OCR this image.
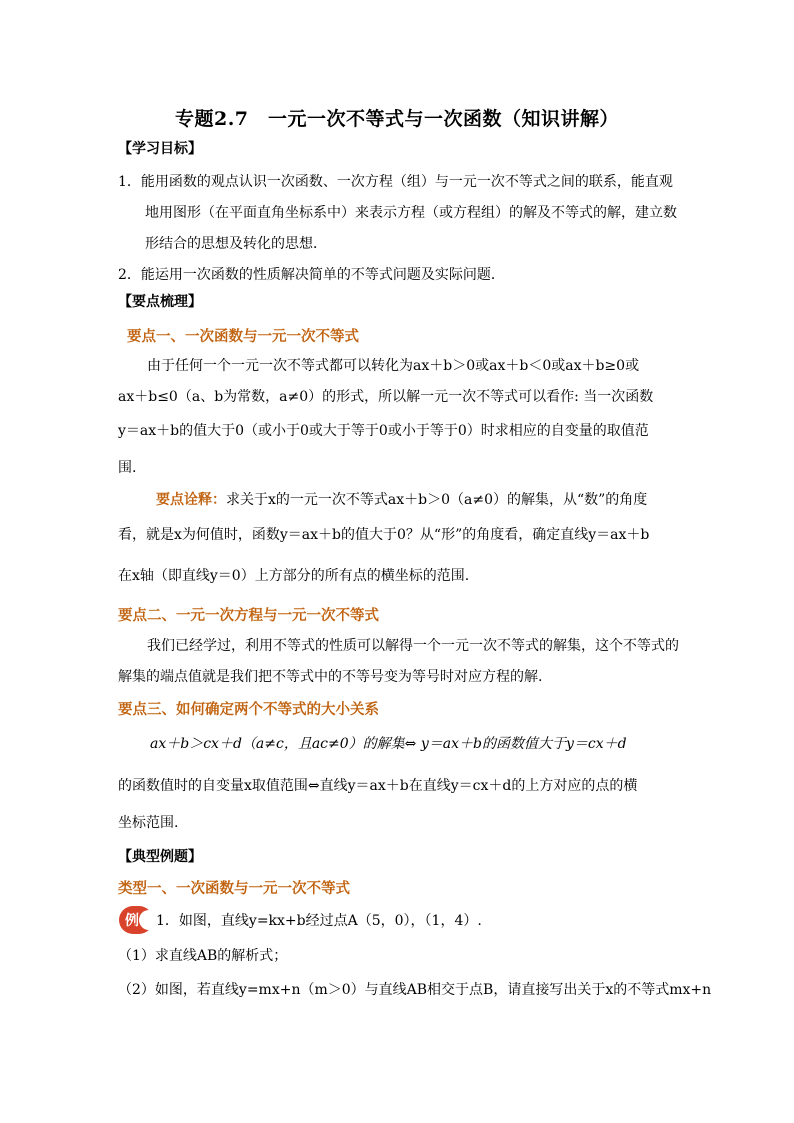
专题2.7　一元一次不等式与一次函数（知识讲解）
【学习目标】
1．能用函数的观点认识一次函数、一次方程（组）与一元一次不等式之间的联系，能直观
地用图形（在平面直角坐标系中）来表示方程（或方程组）的解及不等式的解，建立数
形结合的思想及转化的思想．
2．能运用一次函数的性质解决简单的不等式问题及实际问题．
【要点梳理】
要点一、一次函数与一元一次不等式
由于任何一个一元一次不等式都可以转化为ax＋b＞0或ax＋b＜0或ax＋b≥0或
ax＋b≤0（a、b为常数，a≠0）的形式，所以解一元一次不等式可以看作: 当一次函数
y＝ax＋b的值大于0（或小于0或大于等于0或小于等于0）时求相应的自变量的取值范
围.
要点诠释：求关于x的一元一次不等式ax＋b＞0（a≠0）的解集，从“数”的角度
看，就是x为何值时，函数y＝ax＋b的值大于0？从“形”的角度看，确定直线y＝ax＋b
在x轴（即直线y＝0）上方部分的所有点的横坐标的范围.
要点二、一元一次方程与一元一次不等式
我们已经学过，利用不等式的性质可以解得一个一元一次不等式的解集，这个不等式的
解集的端点值就是我们把不等式中的不等号变为等号时对应方程的解.
要点三、如何确定两个不等式的大小关系
ax＋b＞cx＋d（a≠c，且ac≠0）的解集⇔ y＝ax＋b的函数值大于y＝cx＋d
的函数值时的自变量x取值范围⇔直线y＝ax＋b在直线y＝cx＋d的上方对应的点的横
坐标范围.
【典型例题】
类型一、一次函数与一元一次不等式
例 1．如图，直线y=kx+b经过点A（5，0），（1，4）.
（1）求直线AB的解析式；
（2）如图，若直线y=mx+n（m＞0）与直线AB相交于点B，请直接写出关于x的不等式mx+n
